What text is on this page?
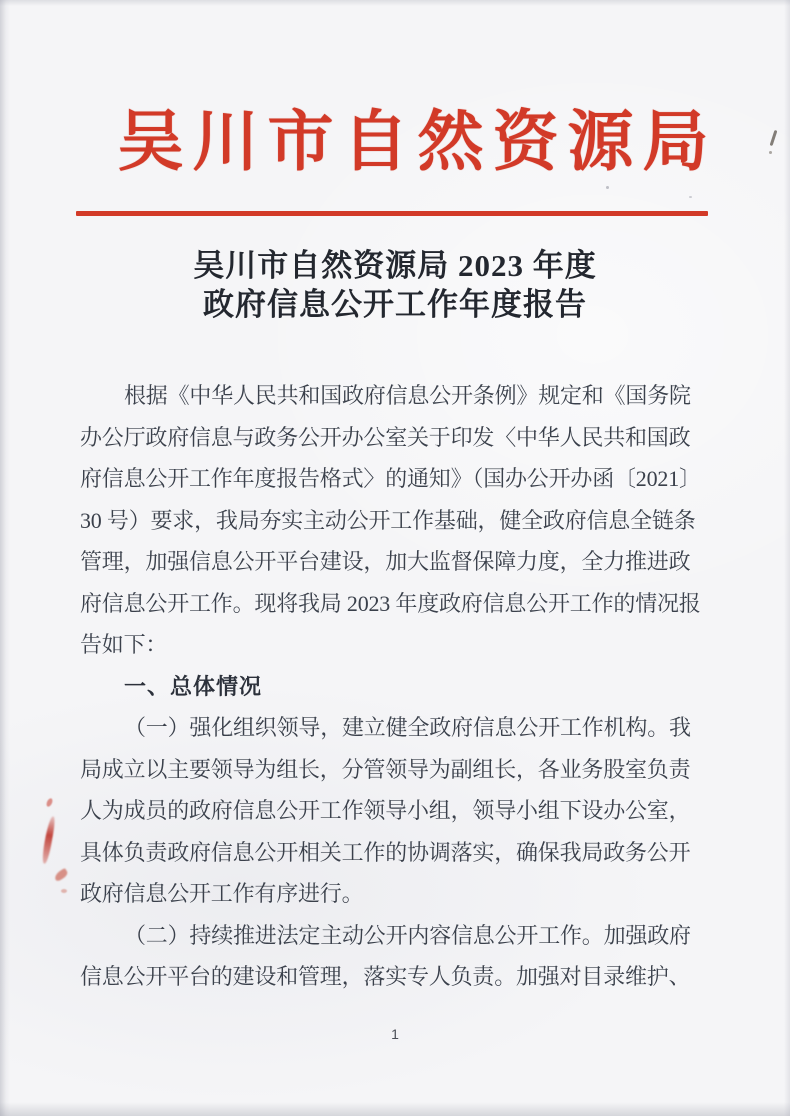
吴川市自然资源局
吴川市自然资源局 2023 年度
政府信息公开工作年度报告
根据《中华人民共和国政府信息公开条例》规定和《国务院
办公厅政府信息与政务公开办公室关于印发〈中华人民共和国政
府信息公开工作年度报告格式〉的通知》（国办公开办函〔2021〕
30 号）要求，我局夯实主动公开工作基础，健全政府信息全链条
管理，加强信息公开平台建设，加大监督保障力度，全力推进政
府信息公开工作。现将我局 2023 年度政府信息公开工作的情况报
告如下：
一、总体情况
（一）强化组织领导，建立健全政府信息公开工作机构。我
局成立以主要领导为组长，分管领导为副组长，各业务股室负责
人为成员的政府信息公开工作领导小组，领导小组下设办公室，
具体负责政府信息公开相关工作的协调落实，确保我局政务公开
政府信息公开工作有序进行。
（二）持续推进法定主动公开内容信息公开工作。加强政府
信息公开平台的建设和管理，落实专人负责。加强对目录维护、
1
